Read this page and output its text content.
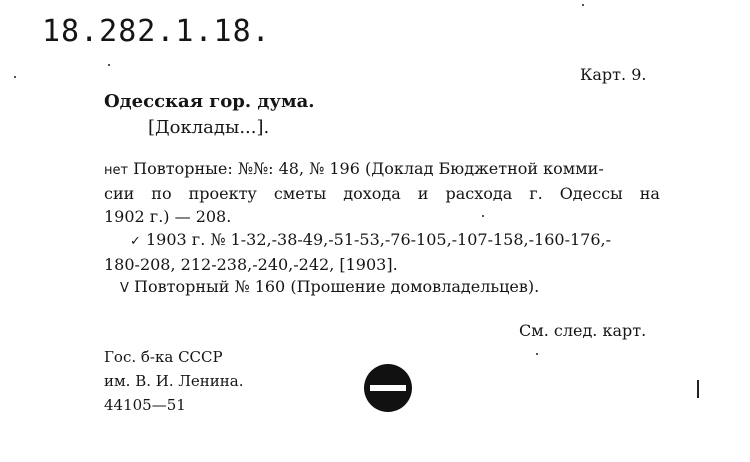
18.282.1.18.
Карт. 9.
Одесская гор. дума.
[Доклады...].
нет Повторные: №№: 48, № 196 (Доклад Бюджетной комми-
сии по проекту сметы дохода и расхода г. Одессы на
1902 г.) — 208.
✓ 1903 г. № 1-32,-38-49,-51-53,-76-105,-107-158,-160-176,-
180-208, 212-238,-240,-242, [1903].
V Повторный № 160 (Прошение домовладельцев).
См. след. карт.
Гос. б-ка СССР
им. В. И. Ленина.
44105—51
